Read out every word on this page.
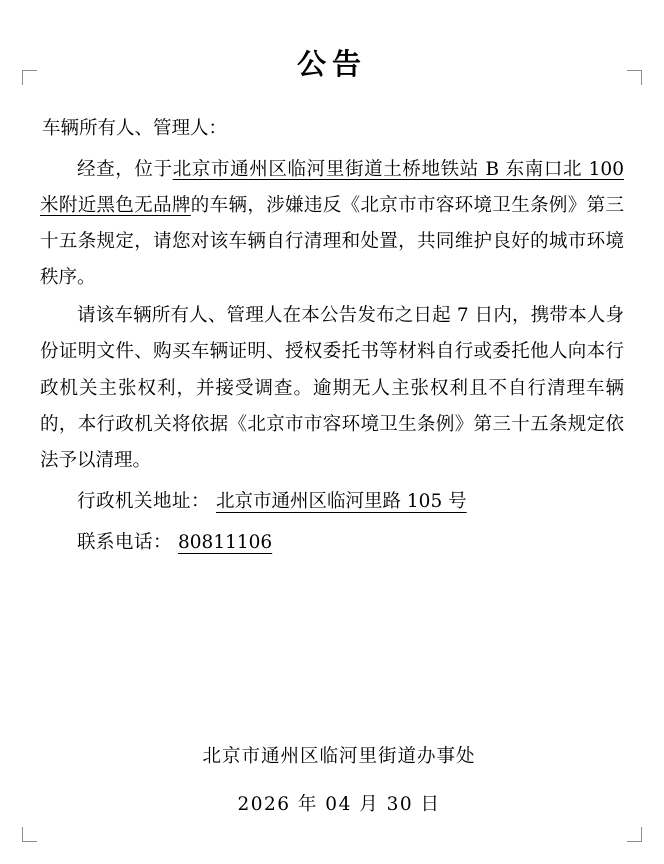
公告
车辆所有人、管理人：

经查，位于北京市通州区临河里街道土桥地铁站 B 东南口北 100 米附近黑色无品牌的车辆，涉嫌违反《北京市市容环境卫生条例》第三十五条规定，请您对该车辆自行清理和处置，共同维护良好的城市环境秩序。

请该车辆所有人、管理人在本公告发布之日起 7 日内，携带本人身份证明文件、购买车辆证明、授权委托书等材料自行或委托他人向本行政机关主张权利，并接受调查。逾期无人主张权利且不自行清理车辆的，本行政机关将依据《北京市市容环境卫生条例》第三十五条规定依法予以清理。

行政机关地址： 北京市通州区临河里路 105 号
联系电话： 80811106
北京市通州区临河里街道办事处
2026 年 04 月 30 日
